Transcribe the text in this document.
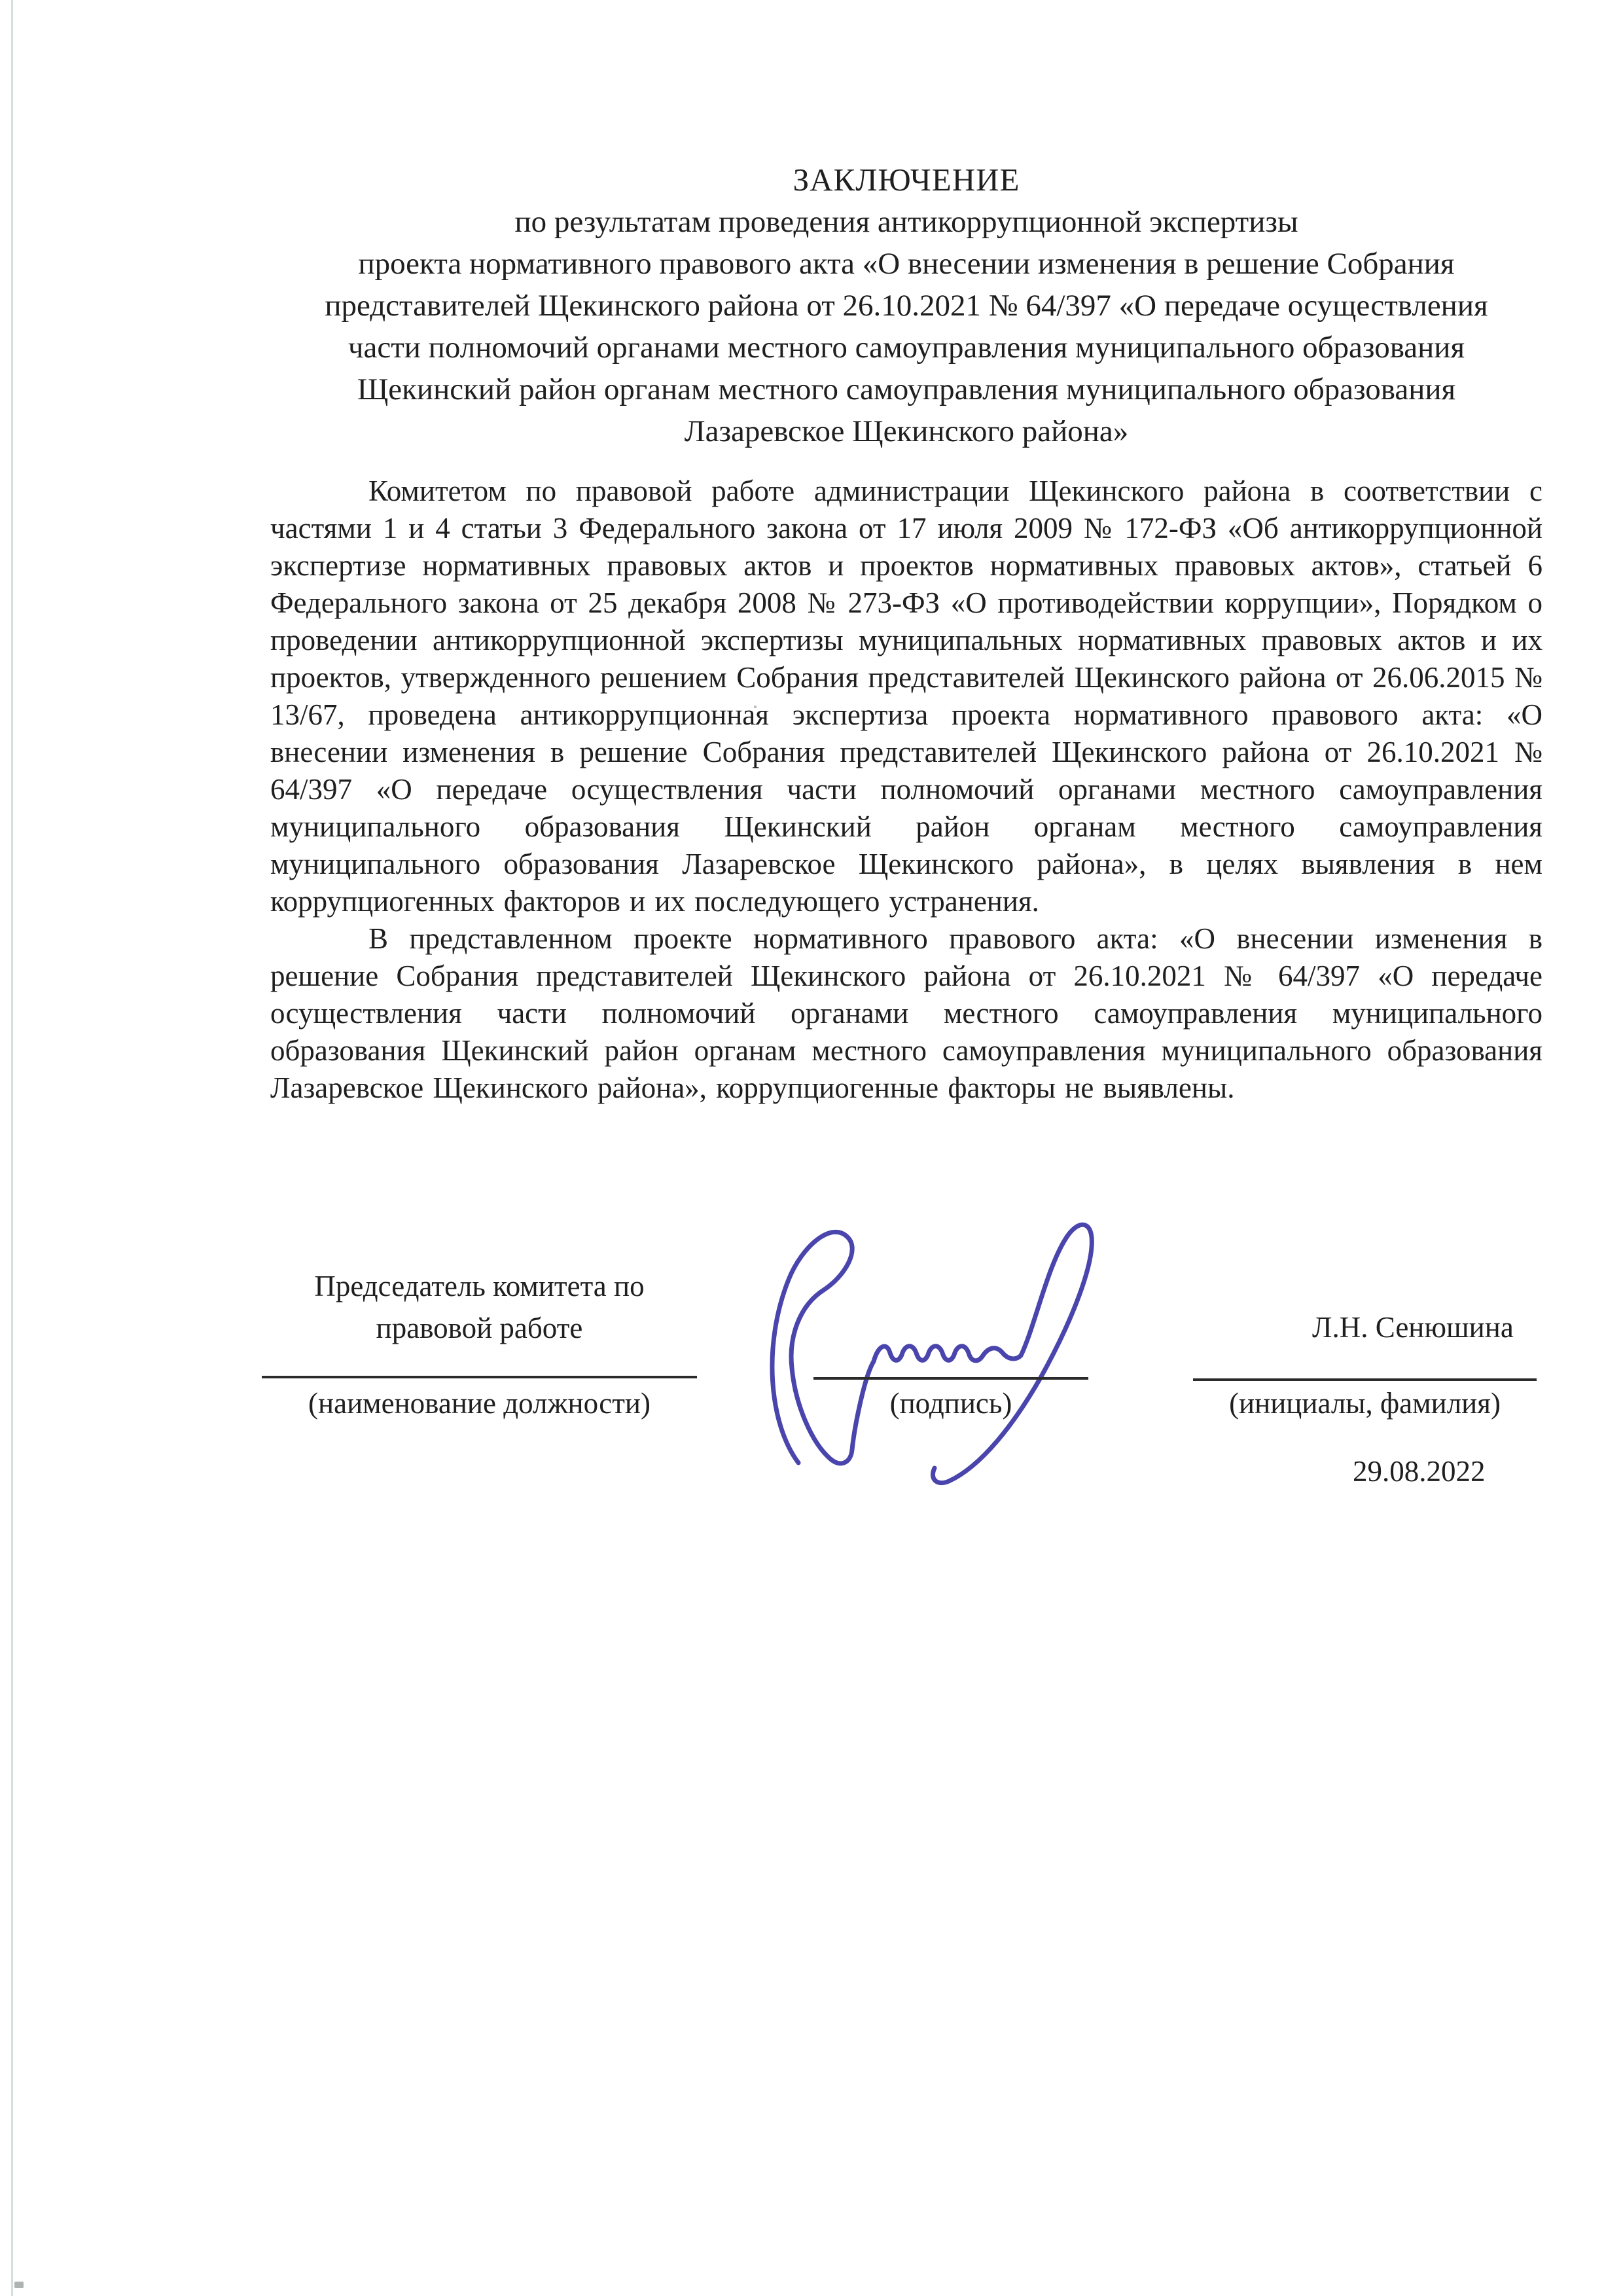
ЗАКЛЮЧЕНИЕ
по результатам проведения антикоррупционной экспертизы
проекта нормативного правового акта «О внесении изменения в решение Собрания
представителей Щекинского района от 26.10.2021 № 64/397 «О передаче осуществления
части полномочий органами местного самоуправления муниципального образования
Щекинский район органам местного самоуправления муниципального образования
Лазаревское Щекинского района»

Комитетом по правовой работе администрации Щекинского района в соответствии с частями 1 и 4 статьи 3 Федерального закона от 17 июля 2009 № 172-ФЗ «Об антикоррупционной экспертизе нормативных правовых актов и проектов нормативных правовых актов», статьей 6 Федерального закона от 25 декабря 2008 № 273-ФЗ «О противодействии коррупции», Порядком о проведении антикоррупционной экспертизы муниципальных нормативных правовых актов и их проектов, утвержденного решением Собрания представителей Щекинского района от 26.06.2015 № 13/67, проведена антикоррупционная экспертиза проекта нормативного правового акта: «О внесении изменения в решение Собрания представителей Щекинского района от 26.10.2021 № 64/397 «О передаче осуществления части полномочий органами местного самоуправления муниципального образования Щекинский район органам местного самоуправления муниципального образования Лазаревское Щекинского района», в целях выявления в нем коррупциогенных факторов и их последующего устранения.

В представленном проекте нормативного правового акта: «О внесении изменения в решение Собрания представителей Щекинского района от 26.10.2021 № 64/397 «О передаче осуществления части полномочий органами местного самоуправления муниципального образования Щекинский район органам местного самоуправления муниципального образования Лазаревское Щекинского района», коррупциогенные факторы не выявлены.

Председатель комитета по
правовой работе
(наименование должности)	(подпись)	(инициалы, фамилия)
Л.Н. Сенюшина
29.08.2022
